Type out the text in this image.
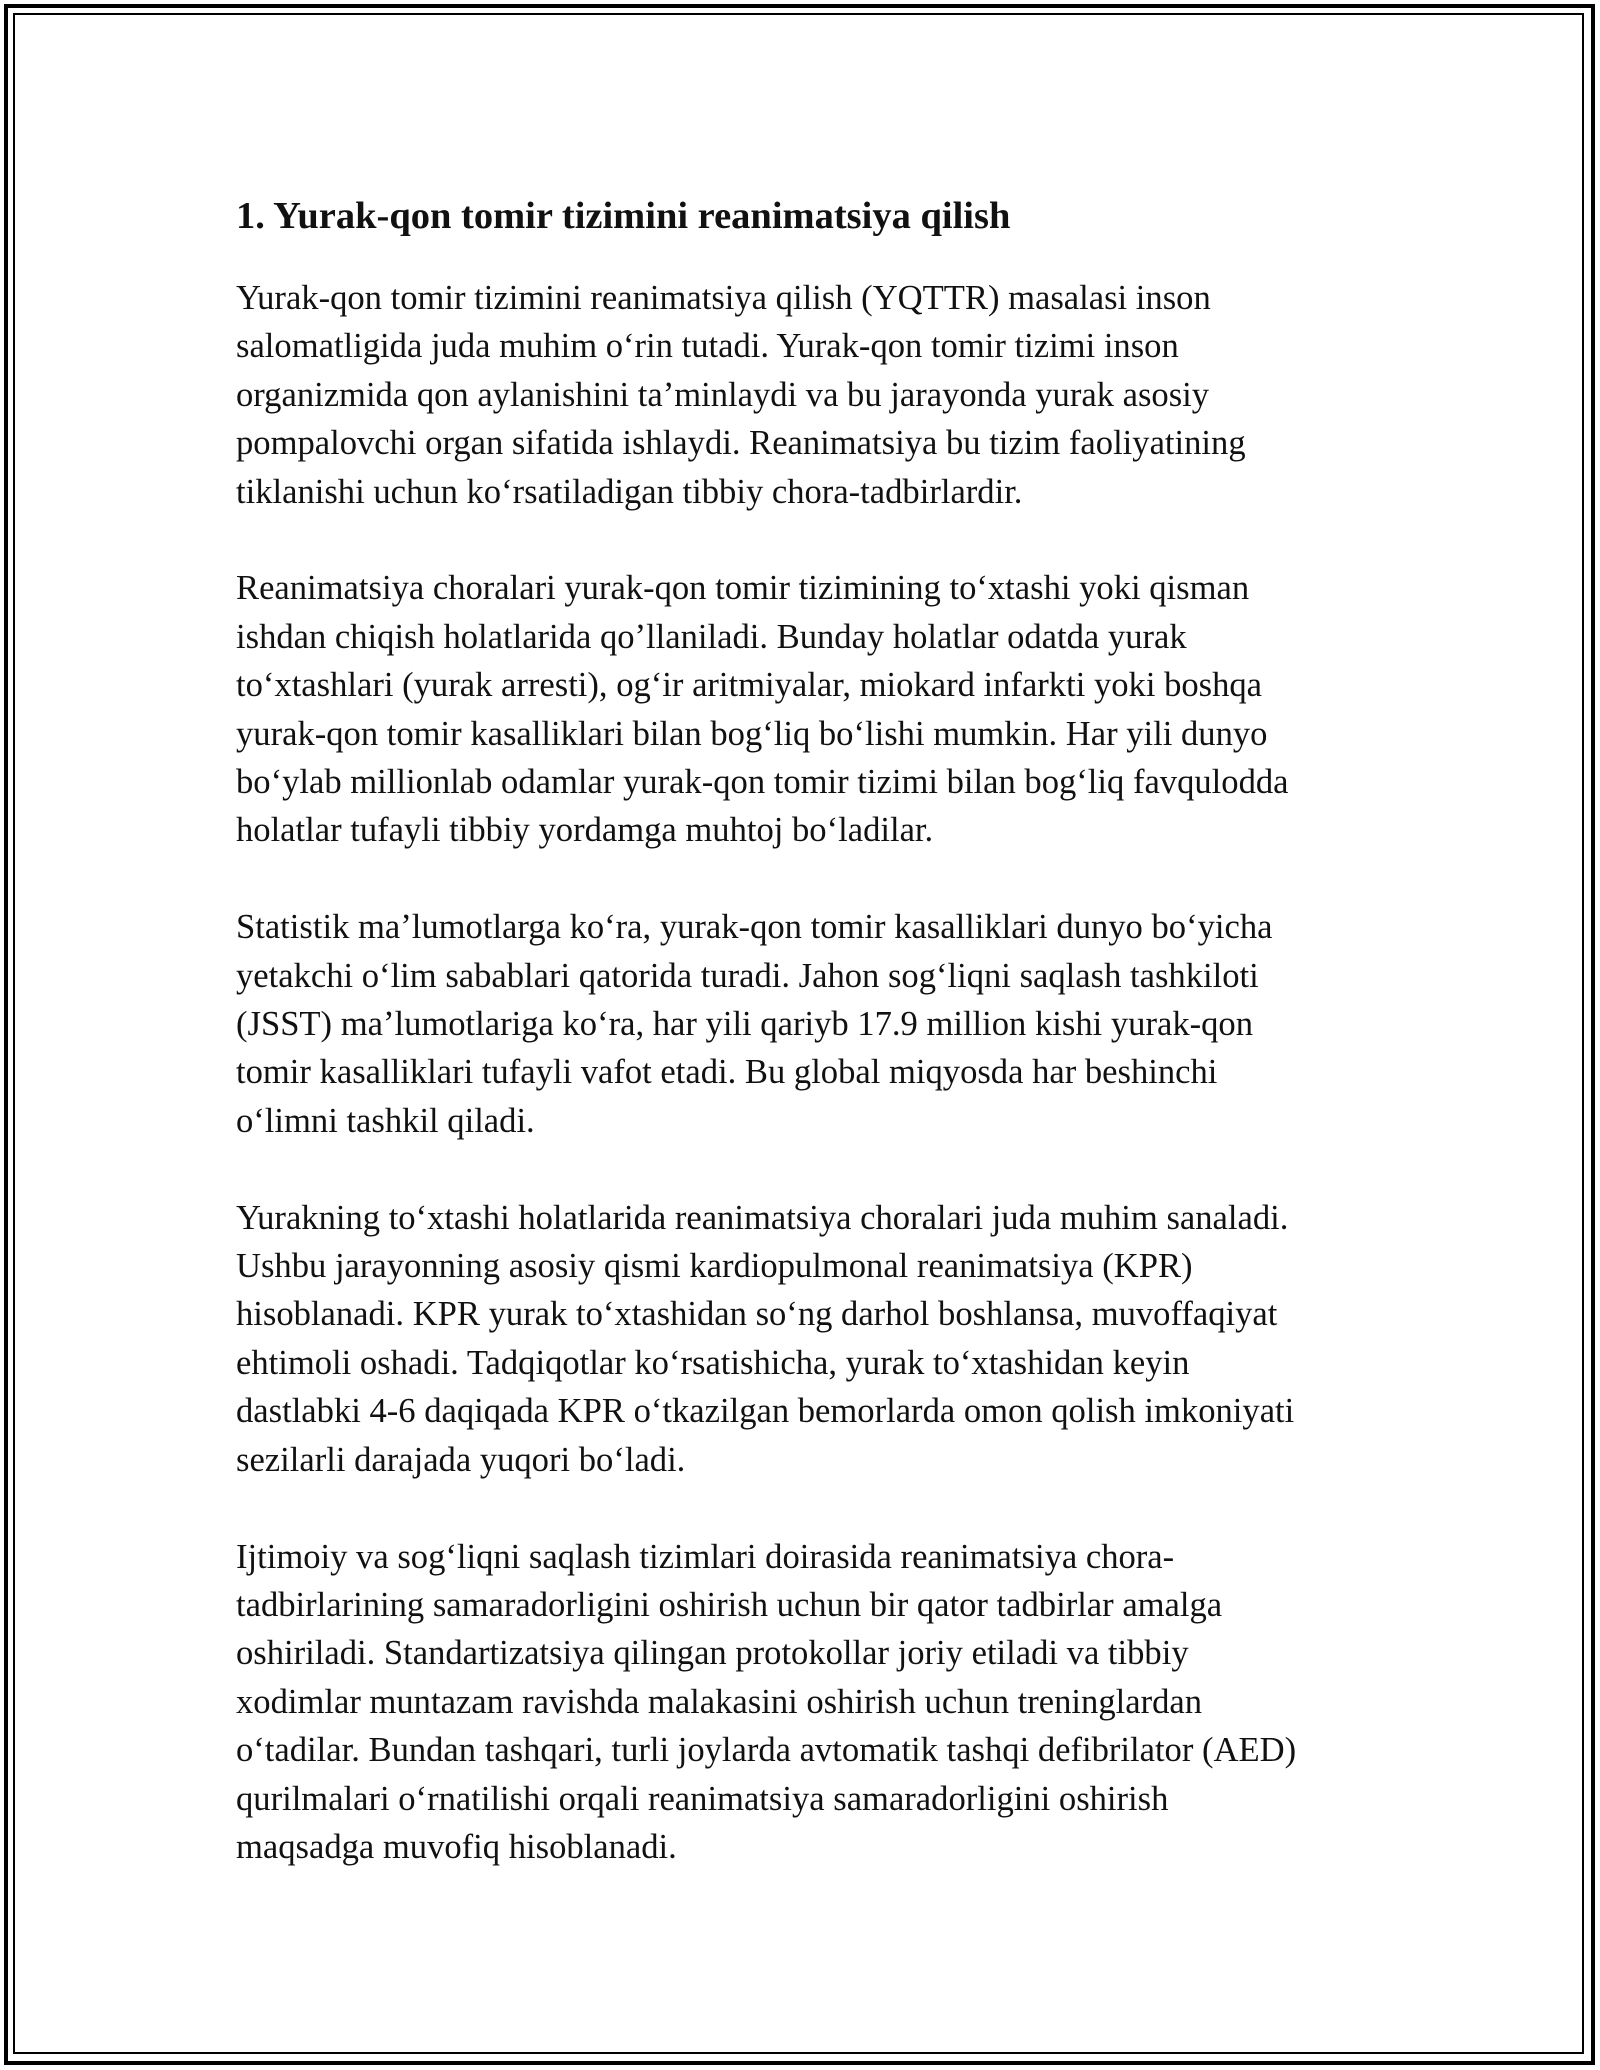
1. Yurak-qon tomir tizimini reanimatsiya qilish
Yurak-qon tomir tizimini reanimatsiya qilish (YQTTR) masalasi inson
salomatligida juda muhim oʻrin tutadi. Yurak-qon tomir tizimi inson
organizmida qon aylanishini taʼminlaydi va bu jarayonda yurak asosiy
pompalovchi organ sifatida ishlaydi. Reanimatsiya bu tizim faoliyatining
tiklanishi uchun koʻrsatiladigan tibbiy chora-tadbirlardir.
Reanimatsiya choralari yurak-qon tomir tizimining toʻxtashi yoki qisman
ishdan chiqish holatlarida qoʼllaniladi. Bunday holatlar odatda yurak
toʻxtashlari (yurak arresti), ogʻir aritmiyalar, miokard infarkti yoki boshqa
yurak-qon tomir kasalliklari bilan bogʻliq boʻlishi mumkin. Har yili dunyo
boʻylab millionlab odamlar yurak-qon tomir tizimi bilan bogʻliq favqulodda
holatlar tufayli tibbiy yordamga muhtoj boʻladilar.
Statistik maʼlumotlarga koʻra, yurak-qon tomir kasalliklari dunyo boʻyicha
yetakchi oʻlim sabablari qatorida turadi. Jahon sogʻliqni saqlash tashkiloti
(JSST) maʼlumotlariga koʻra, har yili qariyb 17.9 million kishi yurak-qon
tomir kasalliklari tufayli vafot etadi. Bu global miqyosda har beshinchi
oʻlimni tashkil qiladi.
Yurakning toʻxtashi holatlarida reanimatsiya choralari juda muhim sanaladi.
Ushbu jarayonning asosiy qismi kardiopulmonal reanimatsiya (KPR)
hisoblanadi. KPR yurak toʻxtashidan soʻng darhol boshlansa, muvoffaqiyat
ehtimoli oshadi. Tadqiqotlar koʻrsatishicha, yurak toʻxtashidan keyin
dastlabki 4-6 daqiqada KPR oʻtkazilgan bemorlarda omon qolish imkoniyati
sezilarli darajada yuqori boʻladi.
Ijtimoiy va sogʻliqni saqlash tizimlari doirasida reanimatsiya chora-
tadbirlarining samaradorligini oshirish uchun bir qator tadbirlar amalga
oshiriladi. Standartizatsiya qilingan protokollar joriy etiladi va tibbiy
xodimlar muntazam ravishda malakasini oshirish uchun treninglardan
oʻtadilar. Bundan tashqari, turli joylarda avtomatik tashqi defibrilator (AED)
qurilmalari oʻrnatilishi orqali reanimatsiya samaradorligini oshirish
maqsadga muvofiq hisoblanadi.
